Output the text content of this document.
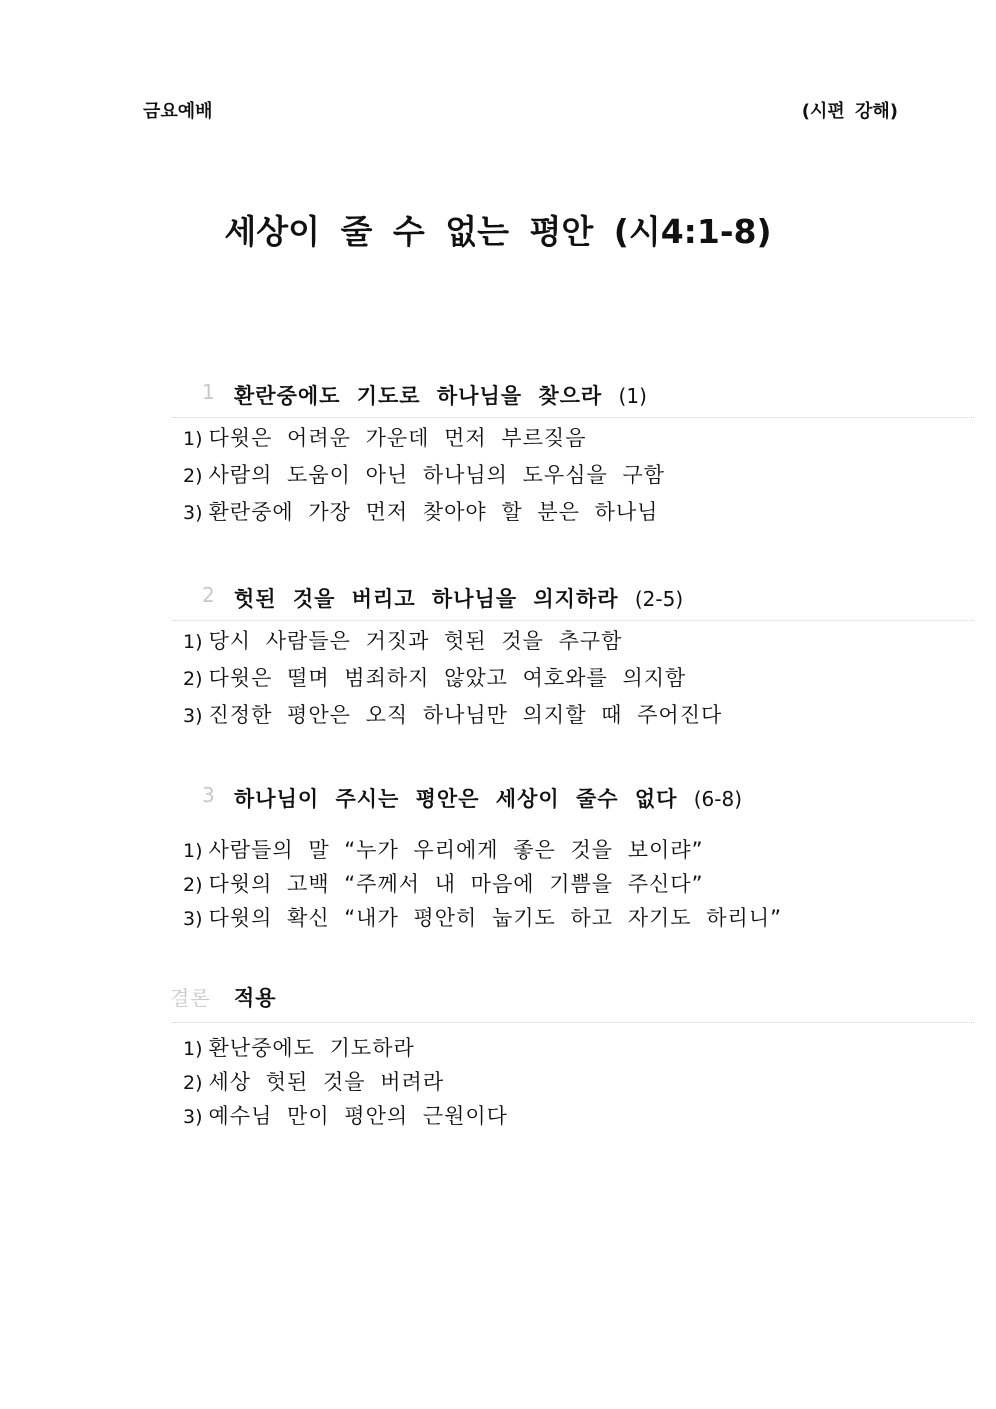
금요예배	(시편 강해)
세상이 줄 수 없는 평안 (시4:1-8)
1 환란중에도 기도로 하나님을 찾으라 (1)
1) 다윗은 어려운 가운데 먼저 부르짖음
2) 사람의 도움이 아닌 하나님의 도우심을 구함
3) 환란중에 가장 먼저 찾아야 할 분은 하나님
2 헛된 것을 버리고 하나님을 의지하라 (2-5)
1) 당시 사람들은 거짓과 헛된 것을 추구함
2) 다윗은 떨며 범죄하지 않았고 여호와를 의지함
3) 진정한 평안은 오직 하나님만 의지할 때 주어진다
3 하나님이 주시는 평안은 세상이 줄수 없다 (6-8)
1) 사람들의 말 “누가 우리에게 좋은 것을 보이랴”
2) 다윗의 고백 “주께서 내 마음에 기쁨을 주신다”
3) 다윗의 확신 “내가 평안히 눕기도 하고 자기도 하리니”
결론 적용
1) 환난중에도 기도하라
2) 세상 헛된 것을 버려라
3) 예수님 만이 평안의 근원이다
